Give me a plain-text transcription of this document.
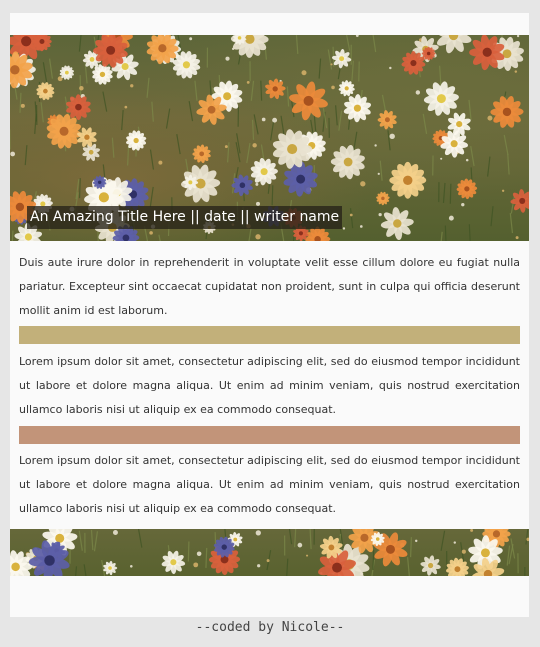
An Amazing Title Here || date || writer name

Duis aute irure dolor in reprehenderit in voluptate velit esse cillum dolore eu fugiat nulla pariatur. Excepteur sint occaecat cupidatat non proident, sunt in culpa qui officia deserunt mollit anim id est laborum.

Lorem ipsum dolor sit amet, consectetur adipiscing elit, sed do eiusmod tempor incididunt ut labore et dolore magna aliqua. Ut enim ad minim veniam, quis nostrud exercitation ullamco laboris nisi ut aliquip ex ea commodo consequat.

Lorem ipsum dolor sit amet, consectetur adipiscing elit, sed do eiusmod tempor incididunt ut labore et dolore magna aliqua. Ut enim ad minim veniam, quis nostrud exercitation ullamco laboris nisi ut aliquip ex ea commodo consequat.

--coded by Nicole--
